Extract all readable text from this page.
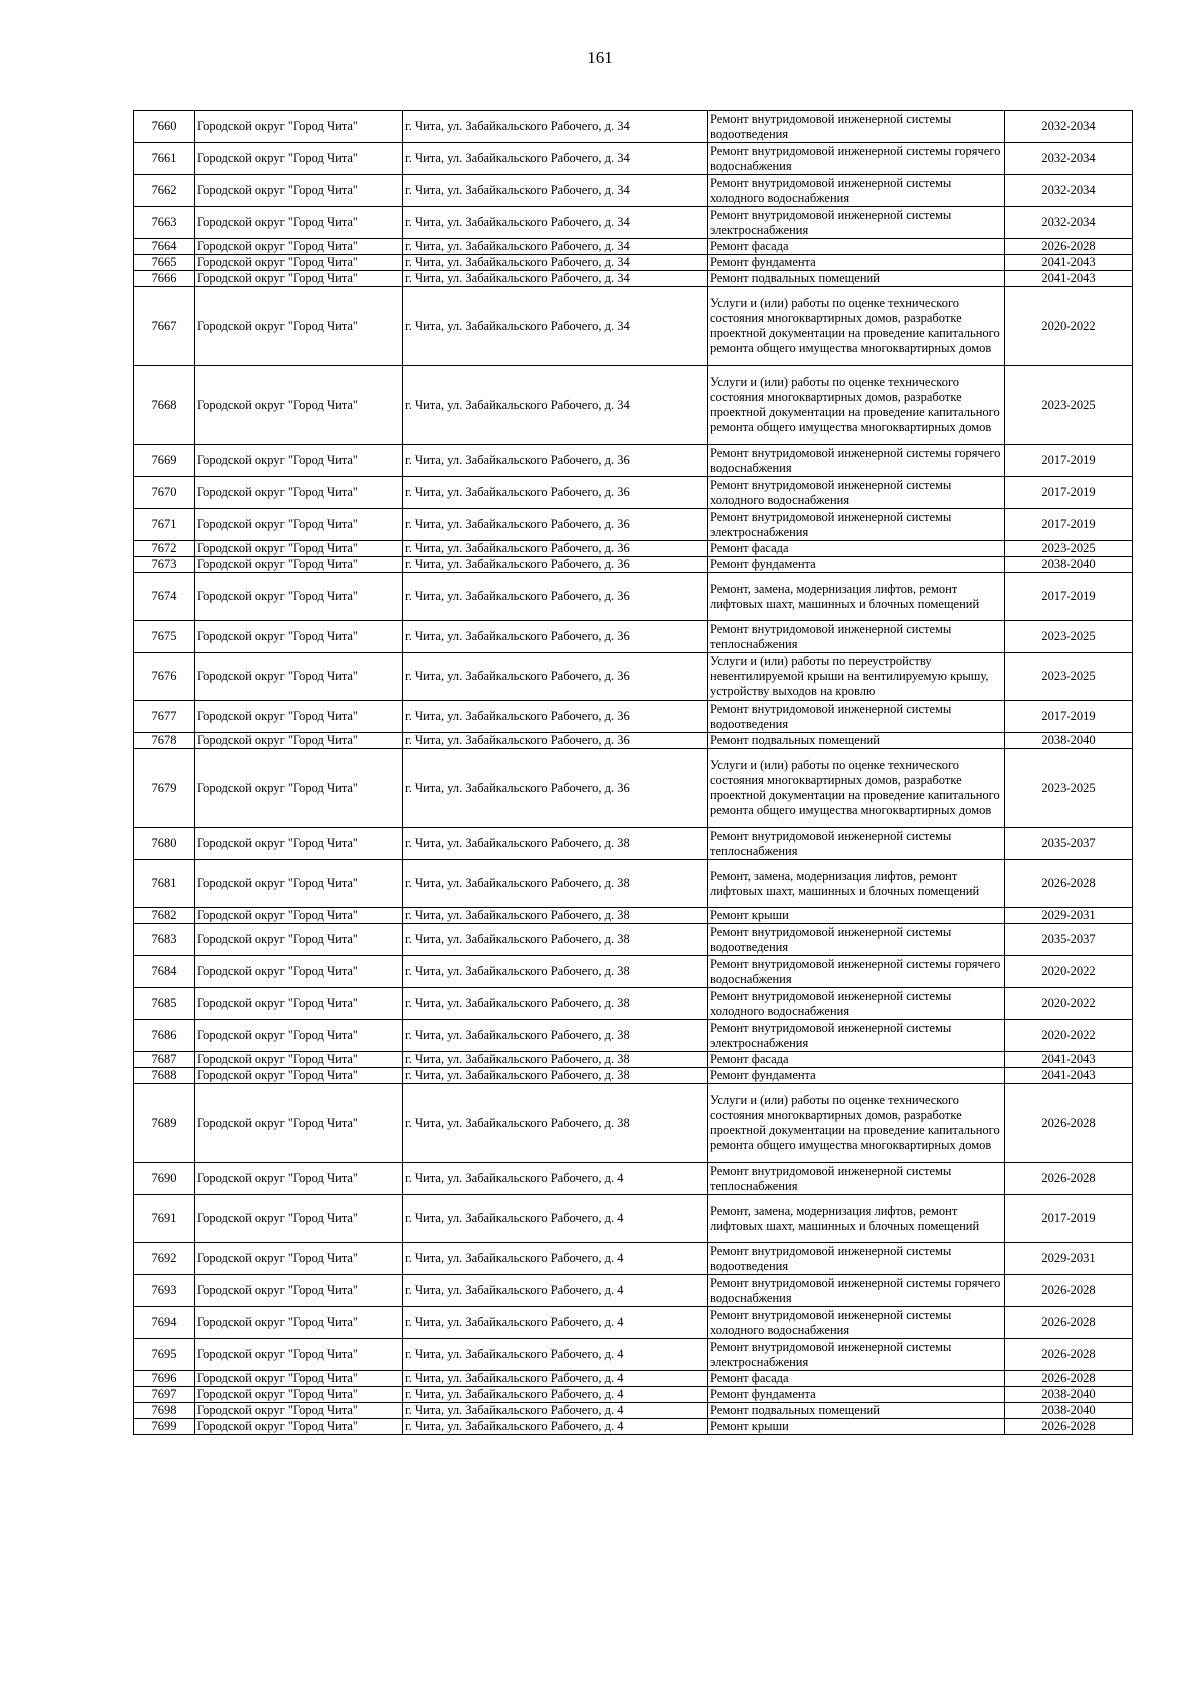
161
7660	Городской округ "Город Чита"	г. Чита, ул. Забайкальского Рабочего, д. 34	Ремонт внутридомовой инженерной системы водоотведения	2032-2034
7661	Городской округ "Город Чита"	г. Чита, ул. Забайкальского Рабочего, д. 34	Ремонт внутридомовой инженерной системы горячего водоснабжения	2032-2034
7662	Городской округ "Город Чита"	г. Чита, ул. Забайкальского Рабочего, д. 34	Ремонт внутридомовой инженерной системы холодного водоснабжения	2032-2034
7663	Городской округ "Город Чита"	г. Чита, ул. Забайкальского Рабочего, д. 34	Ремонт внутридомовой инженерной системы электроснабжения	2032-2034
7664	Городской округ "Город Чита"	г. Чита, ул. Забайкальского Рабочего, д. 34	Ремонт фасада	2026-2028
7665	Городской округ "Город Чита"	г. Чита, ул. Забайкальского Рабочего, д. 34	Ремонт фундамента	2041-2043
7666	Городской округ "Город Чита"	г. Чита, ул. Забайкальского Рабочего, д. 34	Ремонт подвальных помещений	2041-2043
7667	Городской округ "Город Чита"	г. Чита, ул. Забайкальского Рабочего, д. 34	Услуги и (или) работы по оценке технического состояния многоквартирных домов, разработке проектной документации на проведение капитального ремонта общего имущества многоквартирных домов	2020-2022
7668	Городской округ "Город Чита"	г. Чита, ул. Забайкальского Рабочего, д. 34	Услуги и (или) работы по оценке технического состояния многоквартирных домов, разработке проектной документации на проведение капитального ремонта общего имущества многоквартирных домов	2023-2025
7669	Городской округ "Город Чита"	г. Чита, ул. Забайкальского Рабочего, д. 36	Ремонт внутридомовой инженерной системы горячего водоснабжения	2017-2019
7670	Городской округ "Город Чита"	г. Чита, ул. Забайкальского Рабочего, д. 36	Ремонт внутридомовой инженерной системы холодного водоснабжения	2017-2019
7671	Городской округ "Город Чита"	г. Чита, ул. Забайкальского Рабочего, д. 36	Ремонт внутридомовой инженерной системы электроснабжения	2017-2019
7672	Городской округ "Город Чита"	г. Чита, ул. Забайкальского Рабочего, д. 36	Ремонт фасада	2023-2025
7673	Городской округ "Город Чита"	г. Чита, ул. Забайкальского Рабочего, д. 36	Ремонт фундамента	2038-2040
7674	Городской округ "Город Чита"	г. Чита, ул. Забайкальского Рабочего, д. 36	Ремонт, замена, модернизация лифтов, ремонт лифтовых шахт, машинных и блочных помещений	2017-2019
7675	Городской округ "Город Чита"	г. Чита, ул. Забайкальского Рабочего, д. 36	Ремонт внутридомовой инженерной системы теплоснабжения	2023-2025
7676	Городской округ "Город Чита"	г. Чита, ул. Забайкальского Рабочего, д. 36	Услуги и (или) работы по переустройству невентилируемой крыши на вентилируемую крышу, устройству выходов на кровлю	2023-2025
7677	Городской округ "Город Чита"	г. Чита, ул. Забайкальского Рабочего, д. 36	Ремонт внутридомовой инженерной системы водоотведения	2017-2019
7678	Городской округ "Город Чита"	г. Чита, ул. Забайкальского Рабочего, д. 36	Ремонт подвальных помещений	2038-2040
7679	Городской округ "Город Чита"	г. Чита, ул. Забайкальского Рабочего, д. 36	Услуги и (или) работы по оценке технического состояния многоквартирных домов, разработке проектной документации на проведение капитального ремонта общего имущества многоквартирных домов	2023-2025
7680	Городской округ "Город Чита"	г. Чита, ул. Забайкальского Рабочего, д. 38	Ремонт внутридомовой инженерной системы теплоснабжения	2035-2037
7681	Городской округ "Город Чита"	г. Чита, ул. Забайкальского Рабочего, д. 38	Ремонт, замена, модернизация лифтов, ремонт лифтовых шахт, машинных и блочных помещений	2026-2028
7682	Городской округ "Город Чита"	г. Чита, ул. Забайкальского Рабочего, д. 38	Ремонт крыши	2029-2031
7683	Городской округ "Город Чита"	г. Чита, ул. Забайкальского Рабочего, д. 38	Ремонт внутридомовой инженерной системы водоотведения	2035-2037
7684	Городской округ "Город Чита"	г. Чита, ул. Забайкальского Рабочего, д. 38	Ремонт внутридомовой инженерной системы горячего водоснабжения	2020-2022
7685	Городской округ "Город Чита"	г. Чита, ул. Забайкальского Рабочего, д. 38	Ремонт внутридомовой инженерной системы холодного водоснабжения	2020-2022
7686	Городской округ "Город Чита"	г. Чита, ул. Забайкальского Рабочего, д. 38	Ремонт внутридомовой инженерной системы электроснабжения	2020-2022
7687	Городской округ "Город Чита"	г. Чита, ул. Забайкальского Рабочего, д. 38	Ремонт фасада	2041-2043
7688	Городской округ "Город Чита"	г. Чита, ул. Забайкальского Рабочего, д. 38	Ремонт фундамента	2041-2043
7689	Городской округ "Город Чита"	г. Чита, ул. Забайкальского Рабочего, д. 38	Услуги и (или) работы по оценке технического состояния многоквартирных домов, разработке проектной документации на проведение капитального ремонта общего имущества многоквартирных домов	2026-2028
7690	Городской округ "Город Чита"	г. Чита, ул. Забайкальского Рабочего, д. 4	Ремонт внутридомовой инженерной системы теплоснабжения	2026-2028
7691	Городской округ "Город Чита"	г. Чита, ул. Забайкальского Рабочего, д. 4	Ремонт, замена, модернизация лифтов, ремонт лифтовых шахт, машинных и блочных помещений	2017-2019
7692	Городской округ "Город Чита"	г. Чита, ул. Забайкальского Рабочего, д. 4	Ремонт внутридомовой инженерной системы водоотведения	2029-2031
7693	Городской округ "Город Чита"	г. Чита, ул. Забайкальского Рабочего, д. 4	Ремонт внутридомовой инженерной системы горячего водоснабжения	2026-2028
7694	Городской округ "Город Чита"	г. Чита, ул. Забайкальского Рабочего, д. 4	Ремонт внутридомовой инженерной системы холодного водоснабжения	2026-2028
7695	Городской округ "Город Чита"	г. Чита, ул. Забайкальского Рабочего, д. 4	Ремонт внутридомовой инженерной системы электроснабжения	2026-2028
7696	Городской округ "Город Чита"	г. Чита, ул. Забайкальского Рабочего, д. 4	Ремонт фасада	2026-2028
7697	Городской округ "Город Чита"	г. Чита, ул. Забайкальского Рабочего, д. 4	Ремонт фундамента	2038-2040
7698	Городской округ "Город Чита"	г. Чита, ул. Забайкальского Рабочего, д. 4	Ремонт подвальных помещений	2038-2040
7699	Городской округ "Город Чита"	г. Чита, ул. Забайкальского Рабочего, д. 4	Ремонт крыши	2026-2028
